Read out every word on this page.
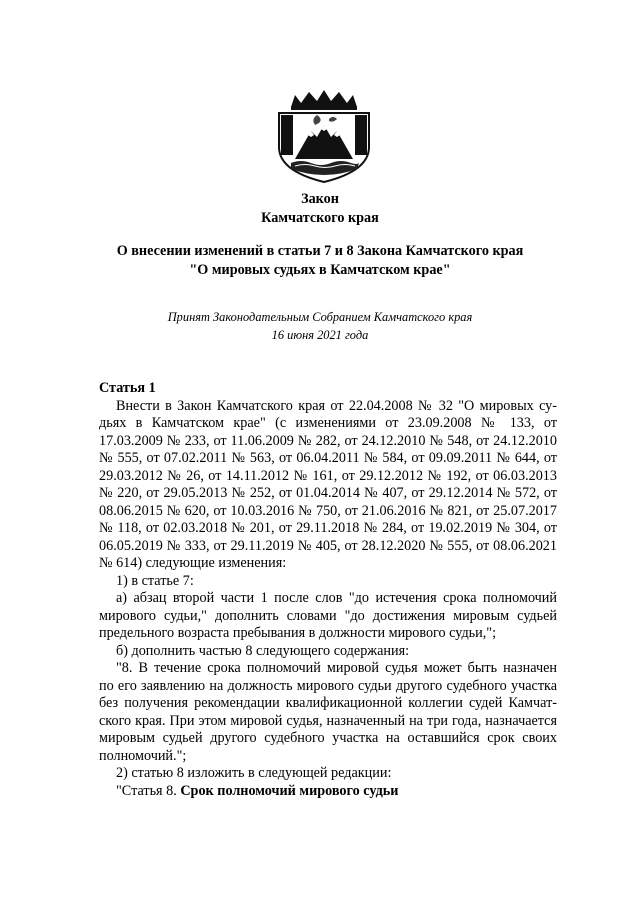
Закон
Камчатского края
О внесении изменений в статьи 7 и 8 Закона Камчатского края
"О мировых судьях в Камчатском крае"
Принят Законодательным Собранием Камчатского края
16 июня 2021 года
Статья 1
Внести в Закон Камчатского края от 22.04.2008 № 32 "О мировых су-
дьях в Камчатском крае" (с изменениями от 23.09.2008 № 133, от
17.03.2009 № 233, от 11.06.2009 № 282, от 24.12.2010 № 548, от 24.12.2010
№ 555, от 07.02.2011 № 563, от 06.04.2011 № 584, от 09.09.2011 № 644, от
29.03.2012 № 26, от 14.11.2012 № 161, от 29.12.2012 № 192, от 06.03.2013
№ 220, от 29.05.2013 № 252, от 01.04.2014 № 407, от 29.12.2014 № 572, от
08.06.2015 № 620, от 10.03.2016 № 750, от 21.06.2016 № 821, от 25.07.2017
№ 118, от 02.03.2018 № 201, от 29.11.2018 № 284, от 19.02.2019 № 304, от
06.05.2019 № 333, от 29.11.2019 № 405, от 28.12.2020 № 555, от 08.06.2021
№ 614) следующие изменения:
1) в статье 7:
а) абзац второй части 1 после слов "до истечения срока полномочий
мирового судьи," дополнить словами "до достижения мировым судьей
предельного возраста пребывания в должности мирового судьи,";
б) дополнить частью 8 следующего содержания:
"8. В течение срока полномочий мировой судья может быть назначен
по его заявлению на должность мирового судьи другого судебного участка
без получения рекомендации квалификационной коллегии судей Камчат-
ского края. При этом мировой судья, назначенный на три года, назначается
мировым судьей другого судебного участка на оставшийся срок своих
полномочий.";
2) статью 8 изложить в следующей редакции:
"Статья 8. Срок полномочий мирового судьи
